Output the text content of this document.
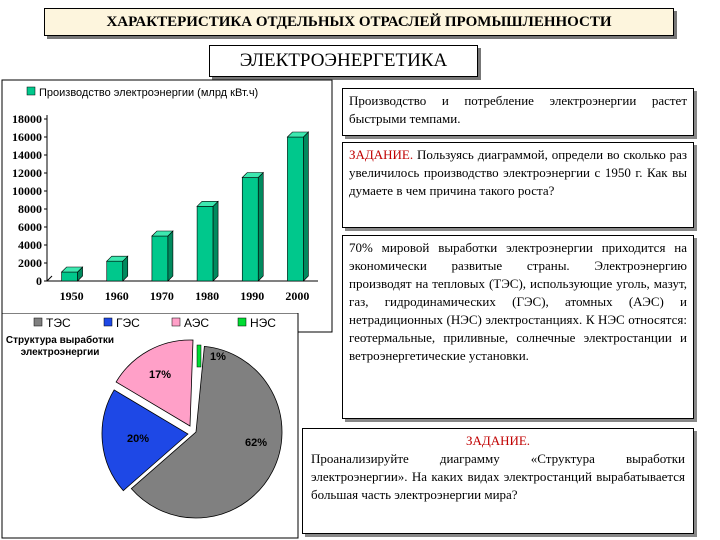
ХАРАКТЕРИСТИКА ОТДЕЛЬНЫХ ОТРАСЛЕЙ ПРОМЫШЛЕННОСТИ
ЭЛЕКТРОЭНЕРГЕТИКА
Производство электроэнергии (млрд кВт.ч)
0
2000
4000
6000
8000
10000
12000
14000
16000
18000
1950 1960 1970 1980 1990 2000
ТЭС	ГЭС	АЭС	НЭС
Структура выработки
электроэнергии
62%
20%
17%
1%

Производство и потребление электроэнергии растет быстрыми темпами.

ЗАДАНИЕ. Пользуясь диаграммой, определи во сколько раз увеличилось производство электроэнергии с 1950 г. Как вы думаете в чем причина такого роста?

70% мировой выработки электроэнергии приходится на экономически развитые страны. Электроэнергию производят на тепловых (ТЭС), использующие уголь, мазут, газ, гидродинамических (ГЭС), атомных (АЭС) и нетрадиционных (НЭС) электростанциях. К НЭС относятся: геотермальные, приливные, солнечные электростанции и ветроэнергетические установки.

ЗАДАНИЕ.

Проанализируйте диаграмму «Структура выработки электроэнергии». На каких видах электростанций вырабатывается большая часть электроэнергии мира?
